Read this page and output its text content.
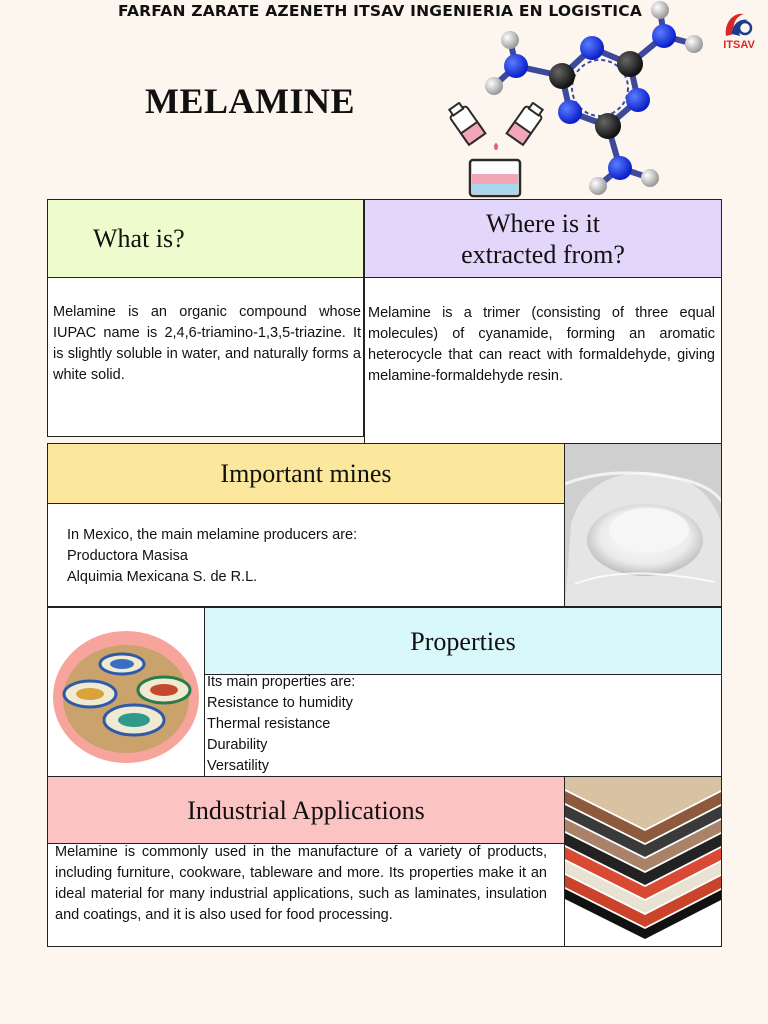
FARFAN ZARATE AZENETH ITSAV INGENIERIA EN LOGISTICA
ITSAV
MELAMINE
What is?
Melamine is an organic compound whose IUPAC name is 2,4,6-triamino-1,3,5-triazine. It is slightly soluble in water, and naturally forms a white solid.
Where is it
extracted from?
Melamine is a trimer (consisting of three equal molecules) of cyanamide, forming an aromatic heterocycle that can react with formaldehyde, giving melamine-formaldehyde resin.
Important mines
In Mexico, the main melamine producers are:
Productora Masisa
Alquimia Mexicana S. de R.L.
Properties
Its main properties are:
Resistance to humidity
Thermal resistance
Durability
Versatility
Industrial Applications
Melamine is commonly used in the manufacture of a variety of products, including furniture, cookware, tableware and more. Its properties make it an ideal material for many industrial applications, such as laminates, insulation and coatings, and it is also used for food processing.
